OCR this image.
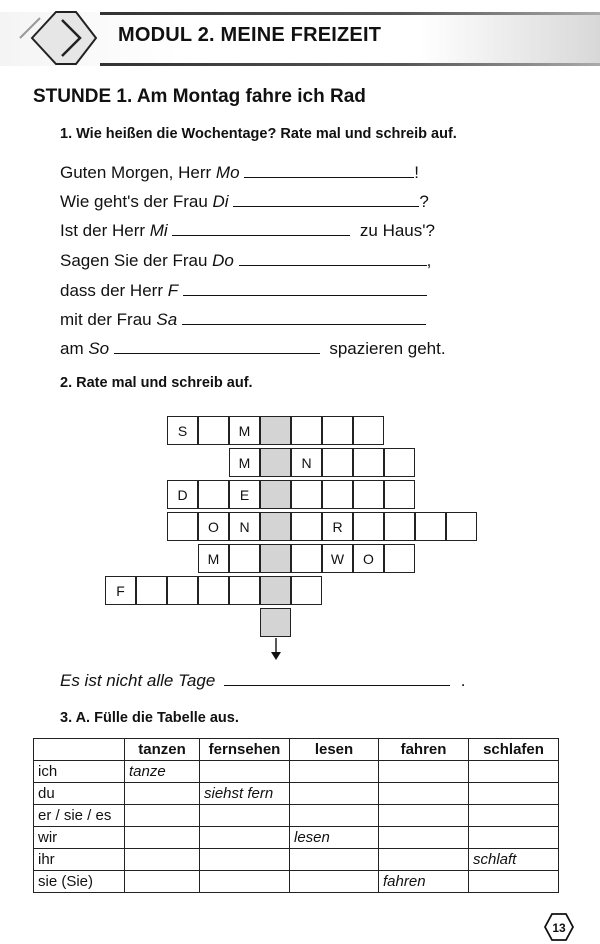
MODUL 2. MEINE FREIZEIT
STUNDE 1. Am Montag fahre ich Rad
1. Wie heißen die Wochentage? Rate mal und schreib auf.
Guten Morgen, Herr Mo	!
Wie geht's der Frau Di	?
Ist der Herr Mi	zu Haus'?
Sagen Sie der Frau Do	,
dass der Herr F
mit der Frau Sa
am So	spazieren geht.
2. Rate mal und schreib auf.
S	M
M	N
D	E
O	N	R
M	W	O
F
Es ist nicht alle Tage	.
3. A. Fülle die Tabelle aus.
	tanzen	fernsehen	lesen	fahren	schlafen
ich	tanze				
du		siehst fern			
er / sie / es					
wir			lesen		
ihr					schlaft
sie (Sie)				fahren	
13
